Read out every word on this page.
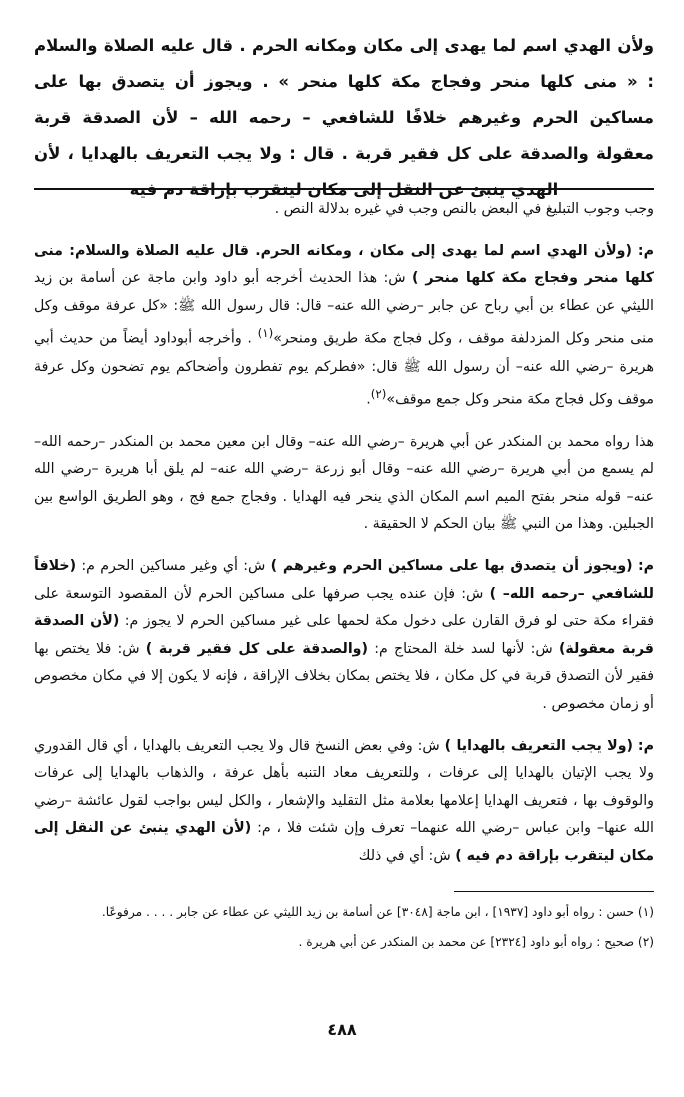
ولأن الهدي اسم لما يهدى إلى مكان ومكانه الحرم . قال عليه الصلاة والسلام : « منى كلها منحر وفجاج مكة كلها منحر » . ويجوز أن يتصدق بها على مساكين الحرم وغيرهم خلافًا للشافعي – رحمه الله – لأن الصدقة قربة معقولة والصدقة على كل فقير قربة . قال : ولا يجب التعريف بالهدايا ، لأن الهدي ينبئ عن النقل إلى مكان ليتقرب بإراقة دم فيه

وجب وجوب التبليغ في البعض بالنص وجب في غيره بدلالة النص .

م: (ولأن الهدي اسم لما يهدى إلى مكان ، ومكانه الحرم. قال عليه الصلاة والسلام: منى كلها منحر وفجاج مكة كلها منحر ) ش: هذا الحديث أخرجه أبو داود وابن ماجة عن أسامة بن زيد الليثي عن عطاء بن أبي رباح عن جابر –رضي الله عنه– قال: قال رسول الله ﷺ: «كل عرفة موقف وكل منى منحر وكل المزدلفة موقف ، وكل فجاج مكة طريق ومنحر»$^{(١)}$ . وأخرجه أبوداود أيضاً من حديث أبي هريرة –رضي الله عنه– أن رسول الله ﷺ قال: «فطركم يوم تفطرون وأضحاكم يوم تضحون وكل عرفة موقف وكل فجاج مكة منحر وكل جمع موقف»$^{(٢)}$.

هذا رواه محمد بن المنكدر عن أبي هريرة –رضي الله عنه– وقال ابن معين محمد بن المنكدر –رحمه الله– لم يسمع من أبي هريرة –رضي الله عنه– وقال أبو زرعة –رضي الله عنه– لم يلق أبا هريرة –رضي الله عنه– قوله منحر بفتح الميم اسم المكان الذي ينحر فيه الهدايا . وفجاج جمع فج ، وهو الطريق الواسع بين الجبلين. وهذا من النبي ﷺ بيان الحكم لا الحقيقة .

م: (ويجوز أن يتصدق بها على مساكين الحرم وغيرهم ) ش: أي وغير مساكين الحرم م: (خلافاً للشافعي –رحمه الله– ) ش: فإن عنده يجب صرفها على مساكين الحرم لأن المقصود التوسعة على فقراء مكة حتى لو فرق القارن على دخول مكة لحمها على غير مساكين الحرم لا يجوز م: (لأن الصدقة قربة معقولة) ش: لأنها لسد خلة المحتاج م: (والصدقة على كل فقير قربة ) ش: فلا يختص بها فقير لأن التصدق قربة في كل مكان ، فلا يختص بمكان بخلاف الإراقة ، فإنه لا يكون إلا في مكان مخصوص أو زمان مخصوص .

م: (ولا يجب التعريف بالهدايا ) ش: وفي بعض النسخ قال ولا يجب التعريف بالهدايا ، أي قال القدوري ولا يجب الإتيان بالهدايا إلى عرفات ، وللتعريف معاد التنبه بأهل عرفة ، والذهاب بالهدايا إلى عرفات والوقوف بها ، فتعريف الهدايا إعلامها بعلامة مثل التقليد والإشعار ، والكل ليس بواجب لقول عائشة –رضي الله عنها– وابن عباس –رضي الله عنهما– تعرف وإن شئت فلا ، م: (لأن الهدي ينبئ عن النقل إلى مكان ليتقرب بإراقة دم فيه ) ش: أي في ذلك

(١) حسن : رواه أبو داود [١٩٣٧] ، ابن ماجة [٣٠٤٨] عن أسامة بن زيد الليثي عن عطاء عن جابر . . . . مرفوعًا.

(٢) صحيح : رواه أبو داود [٢٣٢٤] عن محمد بن المنكدر عن أبي هريرة .

٤٨٨
